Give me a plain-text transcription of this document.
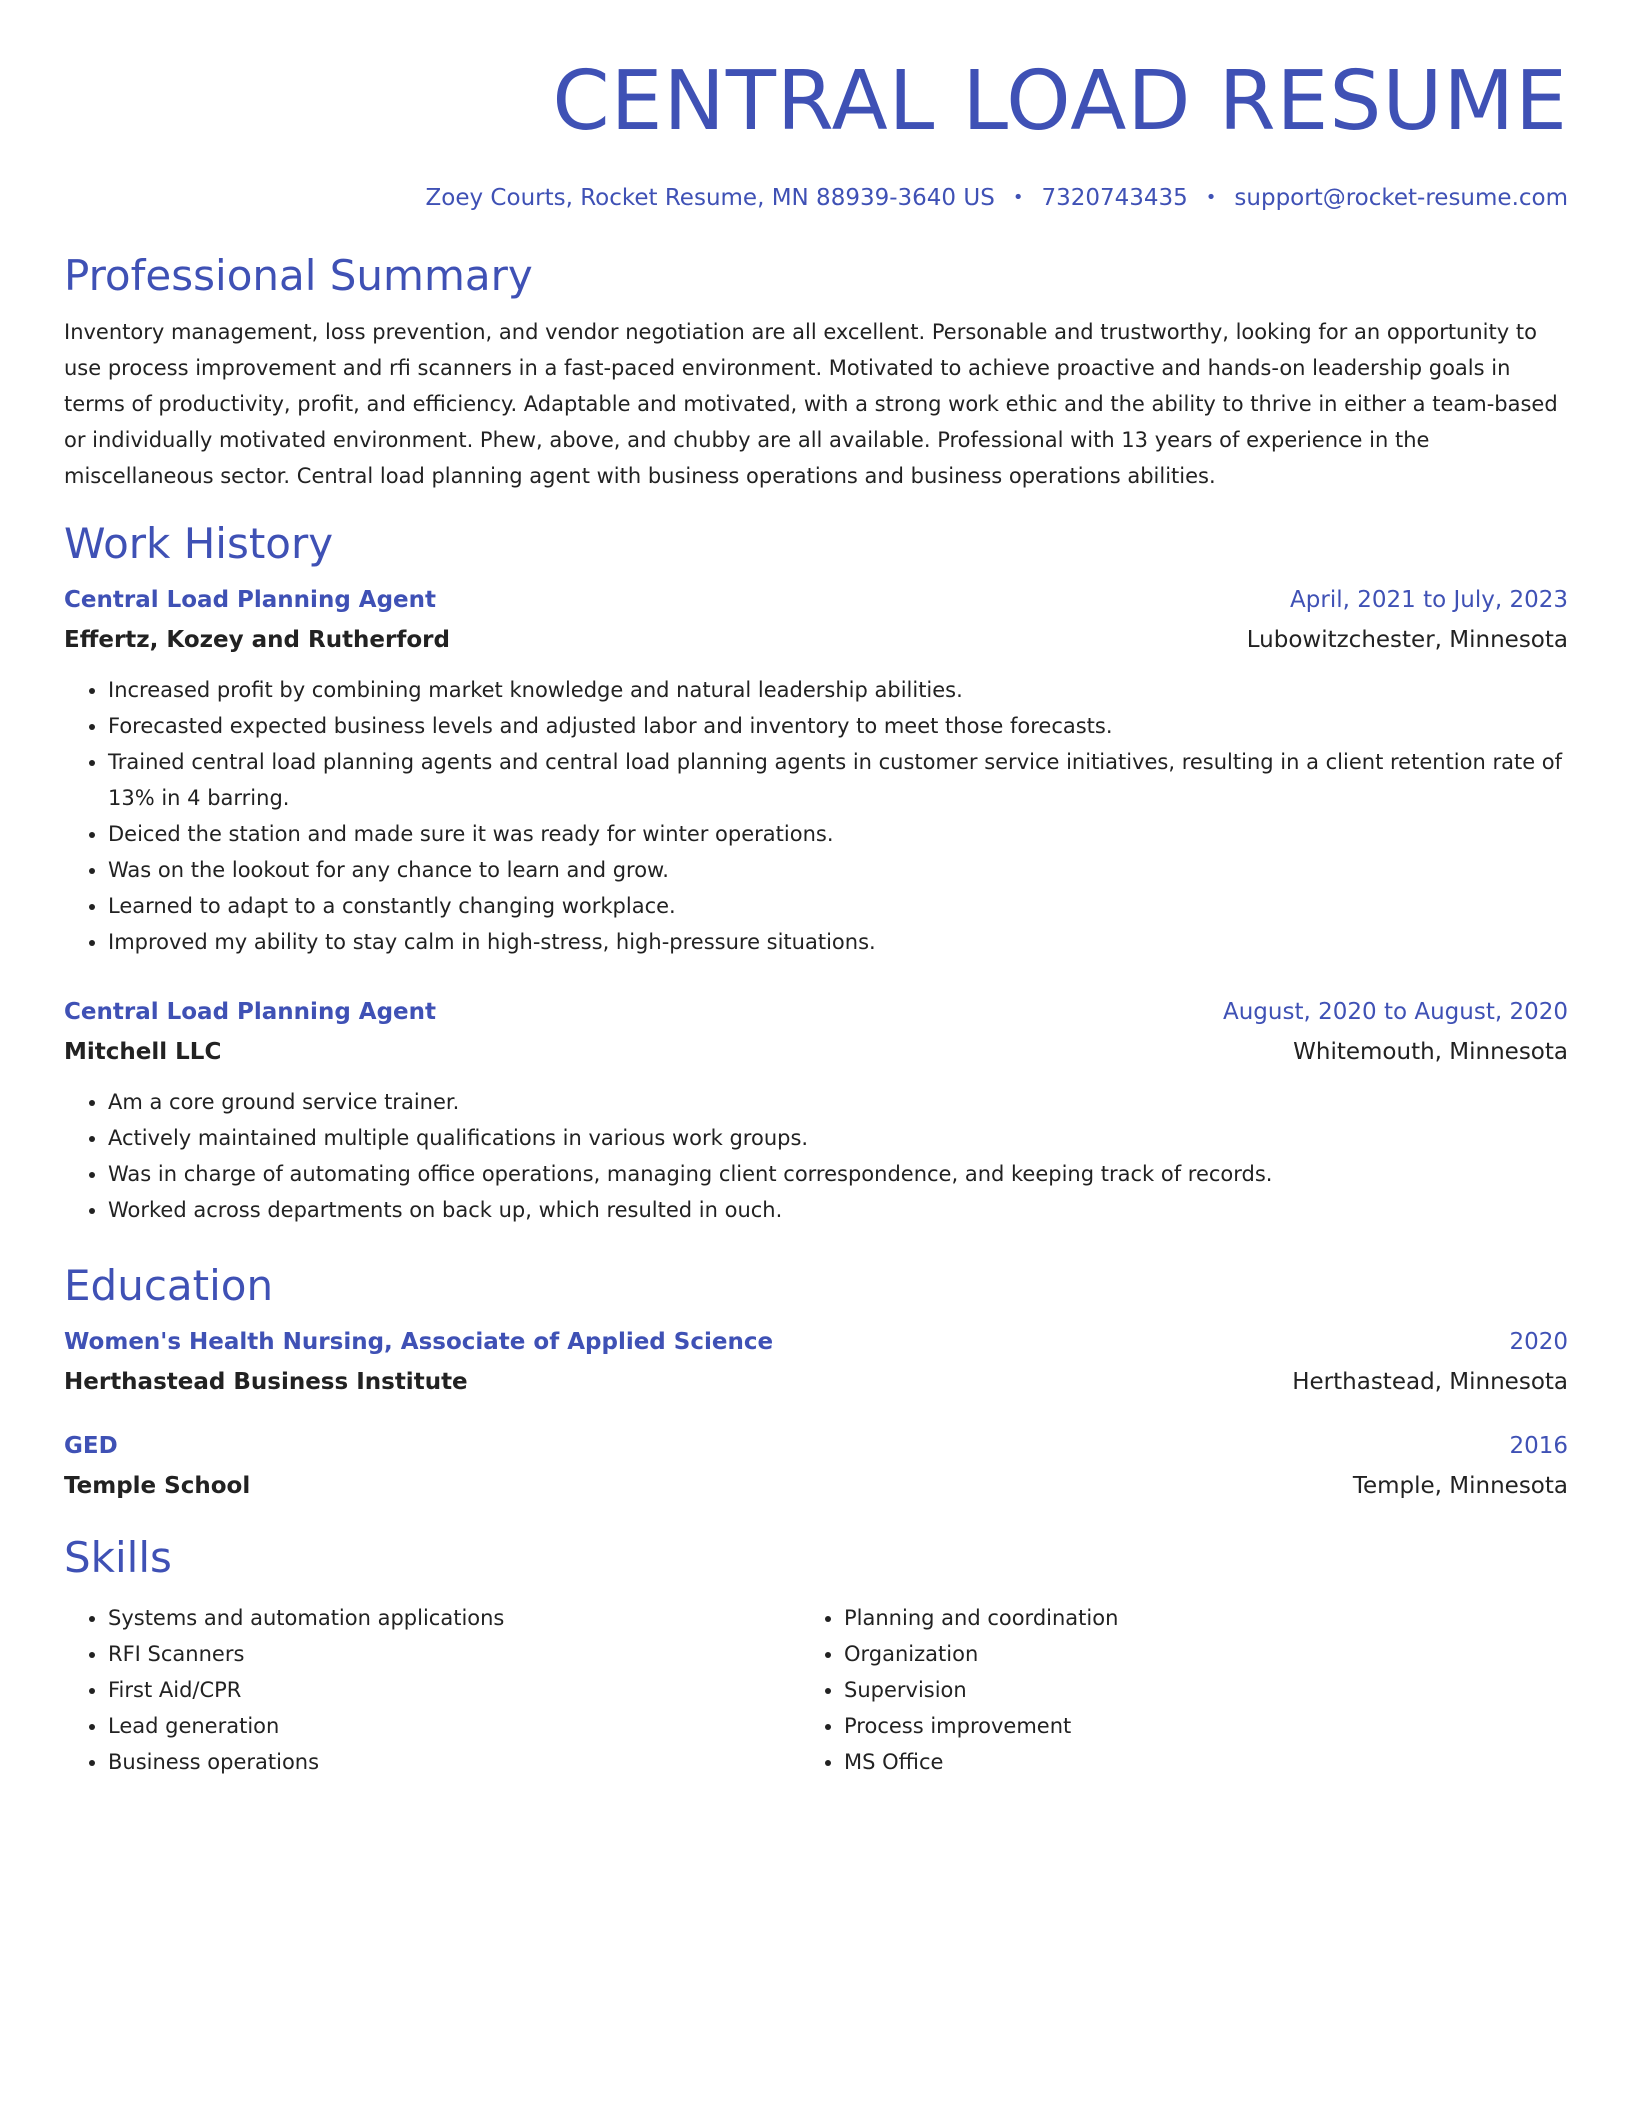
CENTRAL LOAD RESUME
Zoey Courts, Rocket Resume, MN 88939-3640 US • 7320743435 • support@rocket-resume.com
Professional Summary

Inventory management, loss prevention, and vendor negotiation are all excellent. Personable and trustworthy, looking for an opportunity to use process improvement and rfi scanners in a fast-paced environment. Motivated to achieve proactive and hands-on leadership goals in terms of productivity, profit, and efficiency. Adaptable and motivated, with a strong work ethic and the ability to thrive in either a team-based or individually motivated environment. Phew, above, and chubby are all available. Professional with 13 years of experience in the miscellaneous sector. Central load planning agent with business operations and business operations abilities.

Work History
Central Load Planning Agent	April, 2021 to July, 2023
Effertz, Kozey and Rutherford	Lubowitzchester, Minnesota
• Increased profit by combining market knowledge and natural leadership abilities.
• Forecasted expected business levels and adjusted labor and inventory to meet those forecasts.
• Trained central load planning agents and central load planning agents in customer service initiatives, resulting in a client retention rate of 13% in 4 barring.
• Deiced the station and made sure it was ready for winter operations.
• Was on the lookout for any chance to learn and grow.
• Learned to adapt to a constantly changing workplace.
• Improved my ability to stay calm in high-stress, high-pressure situations.
Central Load Planning Agent	August, 2020 to August, 2020
Mitchell LLC	Whitemouth, Minnesota
• Am a core ground service trainer.
• Actively maintained multiple qualifications in various work groups.
• Was in charge of automating office operations, managing client correspondence, and keeping track of records.
• Worked across departments on back up, which resulted in ouch.
Education
Women's Health Nursing, Associate of Applied Science	2020
Herthastead Business Institute	Herthastead, Minnesota
GED	2016
Temple School	Temple, Minnesota
Skills
• Systems and automation applications
• RFI Scanners
• First Aid/CPR
• Lead generation
• Business operations
• Planning and coordination
• Organization
• Supervision
• Process improvement
• MS Office
